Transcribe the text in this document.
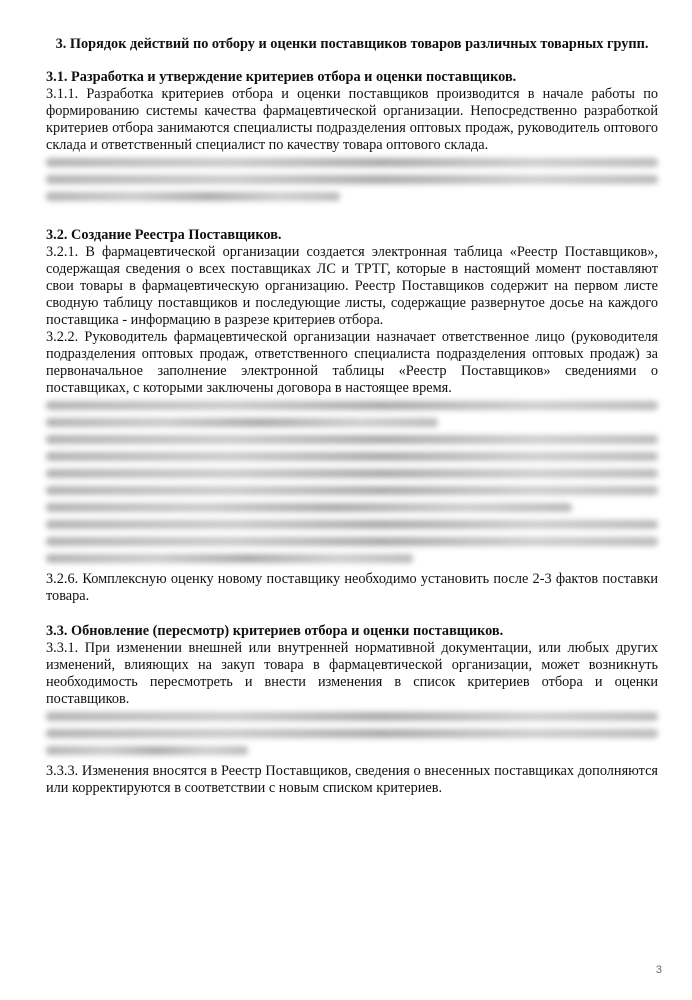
3. Порядок действий по отбору и оценки поставщиков товаров различных товарных групп.

3.1. Разработка и утверждение критериев отбора и оценки поставщиков.

3.1.1. Разработка критериев отбора и оценки поставщиков производится в начале работы по формированию системы качества фармацевтической организации. Непосредственно разработкой критериев отбора занимаются специалисты подразделения оптовых продаж, руководитель оптового склада и ответственный специалист по качеству товара оптового склада.

3.2. Создание Реестра Поставщиков.

3.2.1. В фармацевтической организации создается электронная таблица «Реестр Поставщиков», содержащая сведения о всех поставщиках ЛС и ТРТГ, которые в настоящий момент поставляют свои товары в фармацевтическую организацию. Реестр Поставщиков содержит на первом листе сводную таблицу поставщиков и последующие листы, содержащие развернутое досье на каждого поставщика - информацию в разрезе критериев отбора.

3.2.2. Руководитель фармацевтической организации назначает ответственное лицо (руководителя подразделения оптовых продаж, ответственного специалиста подразделения оптовых продаж) за первоначальное заполнение электронной таблицы «Реестр Поставщиков» сведениями о поставщиках, с которыми заключены договора в настоящее время.

3.2.6. Комплексную оценку новому поставщику необходимо установить после 2-3 фактов поставки товара.

3.3. Обновление (пересмотр) критериев отбора и оценки поставщиков.

3.3.1. При изменении внешней или внутренней нормативной документации, или любых других изменений, влияющих на закуп товара в фармацевтической организации, может возникнуть необходимость пересмотреть и внести изменения в список критериев отбора и оценки поставщиков.

3.3.3. Изменения вносятся в Реестр Поставщиков, сведения о внесенных поставщиках дополняются или корректируются в соответствии с новым списком критериев.

3
